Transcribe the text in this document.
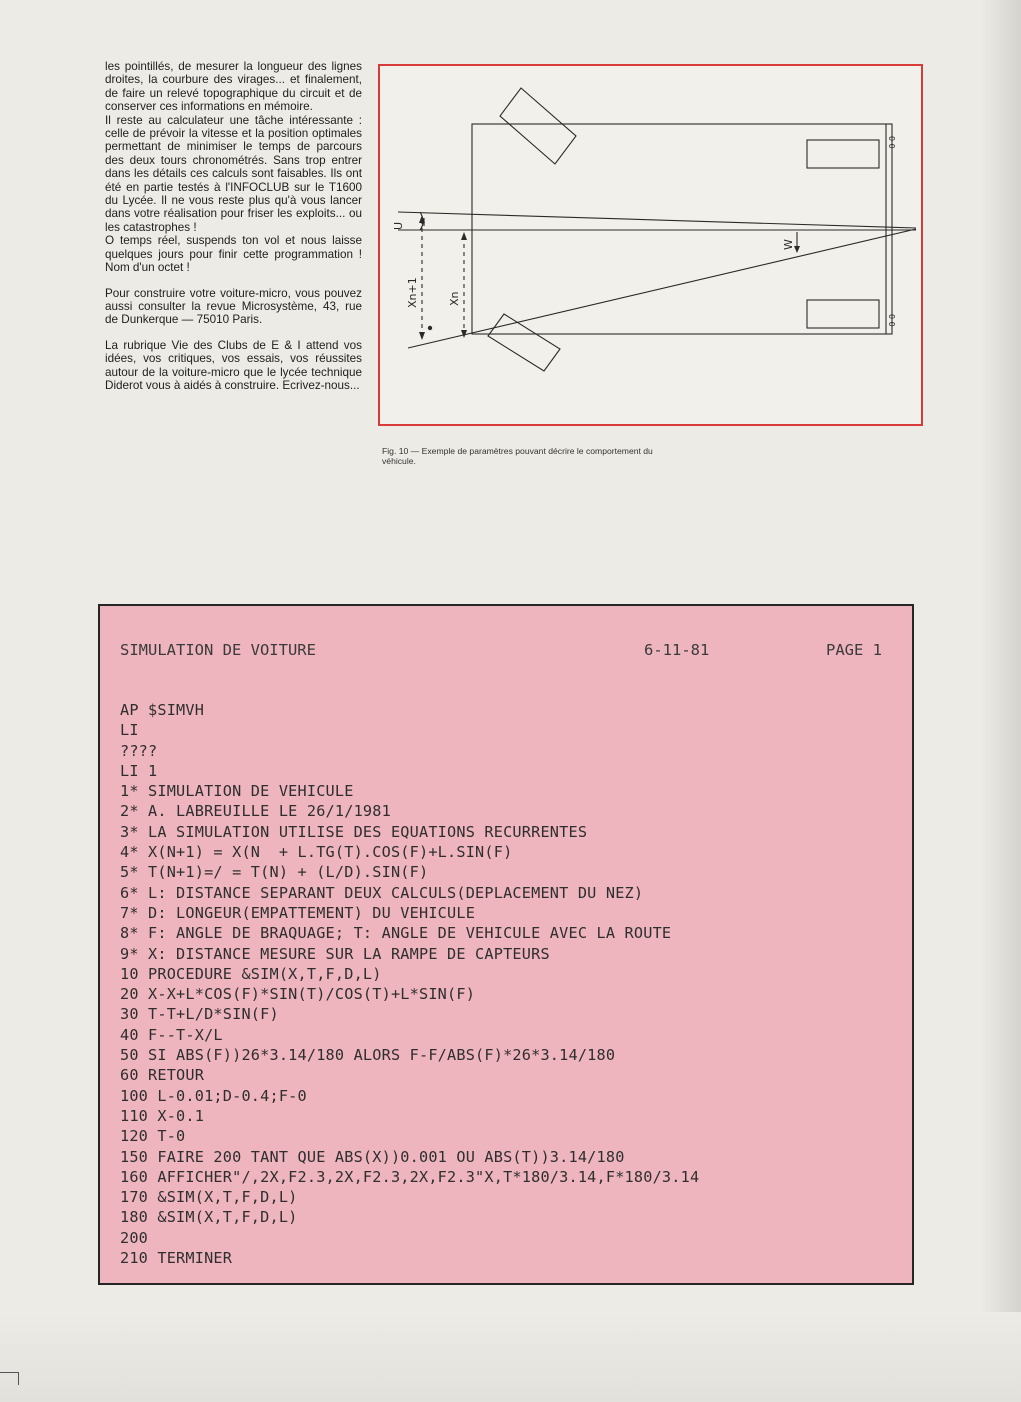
les pointillés, de mesurer la longueur des lignes droites, la courbure des virages... et finalement, de faire un relevé topographique du circuit et de conserver ces informations en mémoire.

Il reste au calculateur une tâche intéressante : celle de prévoir la vitesse et la position optimales permettant de minimiser le temps de parcours des deux tours chronométrés. Sans trop entrer dans les détails ces calculs sont faisables. Ils ont été en partie testés à l'INFOCLUB sur le T1600 du Lycée. Il ne vous reste plus qu'à vous lancer dans votre réalisation pour friser les exploits... ou les catastrophes !

O temps réel, suspends ton vol et nous laisse quelques jours pour finir cette programmation ! Nom d'un octet !

Pour construire votre voiture-micro, vous pouvez aussi consulter la revue Microsystème, 43, rue de Dunkerque — 75010 Paris.

La rubrique Vie des Clubs de E & I attend vos idées, vos critiques, vos essais, vos réussites autour de la voiture-micro que le lycée technique Diderot vous à aidés à construire. Ecrivez-nous...

U
W
Xn+1	Xn
0 0
0 0
Fig. 10 — Exemple de paramètres pouvant décrire le comportement du véhicule.
SIMULATION DE VOITURE	6-11-81	PAGE 1
AP $SIMVH
LI
????
LI 1
1* SIMULATION DE VEHICULE
2* A. LABREUILLE LE 26/1/1981
3* LA SIMULATION UTILISE DES EQUATIONS RECURRENTES
4* X(N+1) = X(N  + L.TG(T).COS(F)+L.SIN(F)
5* T(N+1)=/ = T(N) + (L/D).SIN(F)
6* L: DISTANCE SEPARANT DEUX CALCULS(DEPLACEMENT DU NEZ)
7* D: LONGEUR(EMPATTEMENT) DU VEHICULE
8* F: ANGLE DE BRAQUAGE; T: ANGLE DE VEHICULE AVEC LA ROUTE
9* X: DISTANCE MESURE SUR LA RAMPE DE CAPTEURS
10 PROCEDURE &SIM(X,T,F,D,L)
20 X-X+L*COS(F)*SIN(T)/COS(T)+L*SIN(F)
30 T-T+L/D*SIN(F)
40 F--T-X/L
50 SI ABS(F))26*3.14/180 ALORS F-F/ABS(F)*26*3.14/180
60 RETOUR
100 L-0.01;D-0.4;F-0
110 X-0.1
120 T-0
150 FAIRE 200 TANT QUE ABS(X))0.001 OU ABS(T))3.14/180
160 AFFICHER"/,2X,F2.3,2X,F2.3,2X,F2.3"X,T*180/3.14,F*180/3.14
170 &SIM(X,T,F,D,L)
180 &SIM(X,T,F,D,L)
200
210 TERMINER
